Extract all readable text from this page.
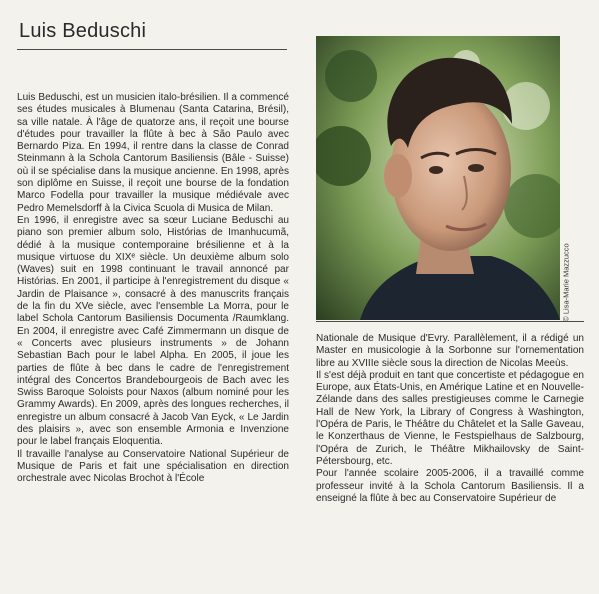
Luis Beduschi

Luis Beduschi, est un musicien italo-brésilien. Il a commencé ses études musicales à Blumenau (Santa Catarina, Brésil), sa ville natale. À l'âge de quatorze ans, il reçoit une bourse d'études pour travailler la flûte à bec à São Paulo avec Bernardo Piza. En 1994, il rentre dans la classe de Conrad Steinmann à la Schola Cantorum Basiliensis (Bâle - Suisse) où il se spécialise dans la musique ancienne. En 1998, après son diplôme en Suisse, il reçoit une bourse de la fondation Marco Fodella pour travailler la musique médiévale avec Pedro Memelsdorff à la Civica Scuola di Musica de Milan.

En 1996, il enregistre avec sa sœur Luciane Beduschi au piano son premier album solo, Histórias de Imanhucumã, dédié à la musique contemporaine brésilienne et à la musique virtuose du XIXᵉ siècle. Un deuxième album solo (Waves) suit en 1998 continuant le travail annoncé par Histórias. En 2001, il participe à l'enregistrement du disque « Jardin de Plaisance », consacré à des manuscrits français de la fin du XVe siècle, avec l'ensemble La Morra, pour le label Schola Cantorum Basiliensis Documenta /Raumklang. En 2004, il enregistre avec Café Zimmermann un disque de « Concerts avec plusieurs instruments » de Johann Sebastian Bach pour le label Alpha. En 2005, il joue les parties de flûte à bec dans le cadre de l'enregistrement intégral des Concertos Brandebourgeois de Bach avec les Swiss Baroque Soloists pour Naxos (album nominé pour les Grammy Awards). En 2009, après des longues recherches, il enregistre un album consacré à Jacob Van Eyck, « Le Jardin des plaisirs », avec son ensemble Armonia e Invenzione pour le label français Eloquentia.

Il travaille l'analyse au Conservatoire National Supérieur de Musique de Paris et fait une spécialisation en direction orchestrale avec Nicolas Brochot à l'École

© Lisa-Marie Mazzucco

Nationale de Musique d'Evry. Parallèlement, il a rédigé un Master en musicologie à la Sorbonne sur l'ornementation libre au XVIIIe siècle sous la direction de Nicolas Meeùs.

Il s'est déjà produit en tant que concertiste et pédagogue en Europe, aux États-Unis, en Amérique Latine et en Nouvelle-Zélande dans des salles prestigieuses comme le Carnegie Hall de New York, la Library of Congress à Washington, l'Opéra de Paris, le Théâtre du Châtelet et la Salle Gaveau, le Konzerthaus de Vienne, le Festspielhaus de Salzbourg, l'Opéra de Zurich, le Théâtre Mikhailovsky de Saint-Pétersbourg, etc.

Pour l'année scolaire 2005-2006, il a travaillé comme professeur invité à la Schola Cantorum Basiliensis. Il a enseigné la flûte à bec au Conservatoire Supérieur de
